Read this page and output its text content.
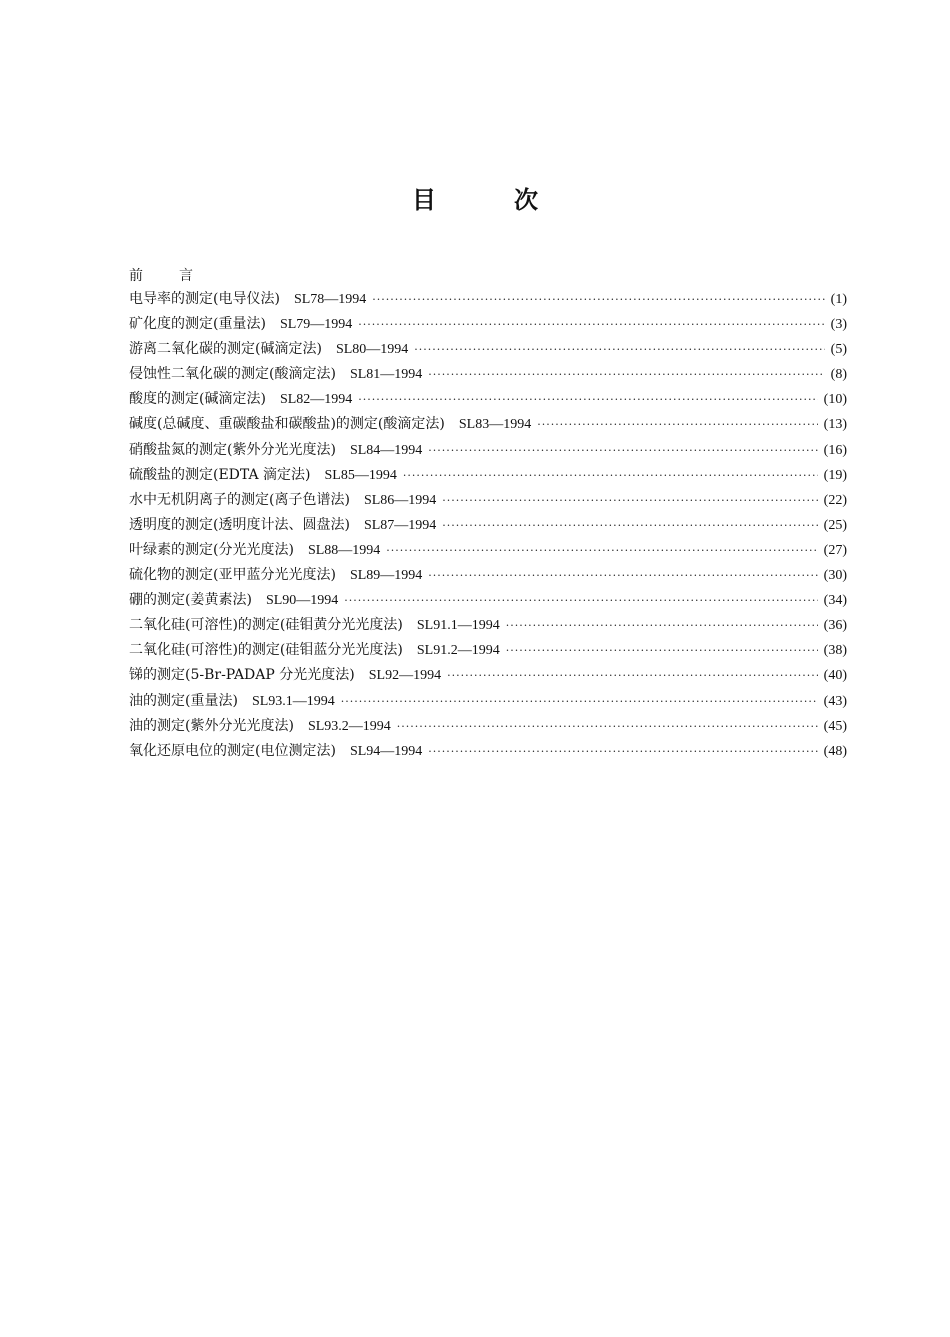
目	次
前	言
电导率的测定(电导仪法) SL78—1994 ·····	(1)
矿化度的测定(重量法) SL79—1994 ·····	(3)
游离二氧化碳的测定(碱滴定法) SL80—1994 ·····	(5)
侵蚀性二氧化碳的测定(酸滴定法) SL81—1994 ·····	(8)
酸度的测定(碱滴定法) SL82—1994 ·····	(10)
碱度(总碱度、重碳酸盐和碳酸盐)的测定(酸滴定法) SL83—1994 ·····	(13)
硝酸盐氮的测定(紫外分光光度法) SL84—1994 ·····	(16)
硫酸盐的测定(EDTA 滴定法) SL85—1994 ·····	(19)
水中无机阴离子的测定(离子色谱法) SL86—1994 ·····	(22)
透明度的测定(透明度计法、圆盘法) SL87—1994 ·····	(25)
叶绿素的测定(分光光度法) SL88—1994 ·····	(27)
硫化物的测定(亚甲蓝分光光度法) SL89—1994 ·····	(30)
硼的测定(姜黄素法) SL90—1994 ·····	(34)
二氧化硅(可溶性)的测定(硅钼黄分光光度法) SL91.1—1994 ·····	(36)
二氧化硅(可溶性)的测定(硅钼蓝分光光度法) SL91.2—1994 ·····	(38)
锑的测定(5-Br-PADAP 分光光度法) SL92—1994 ·····	(40)
油的测定(重量法) SL93.1—1994 ·····	(43)
油的测定(紫外分光光度法) SL93.2—1994 ·····	(45)
氧化还原电位的测定(电位测定法) SL94—1994 ·····	(48)
